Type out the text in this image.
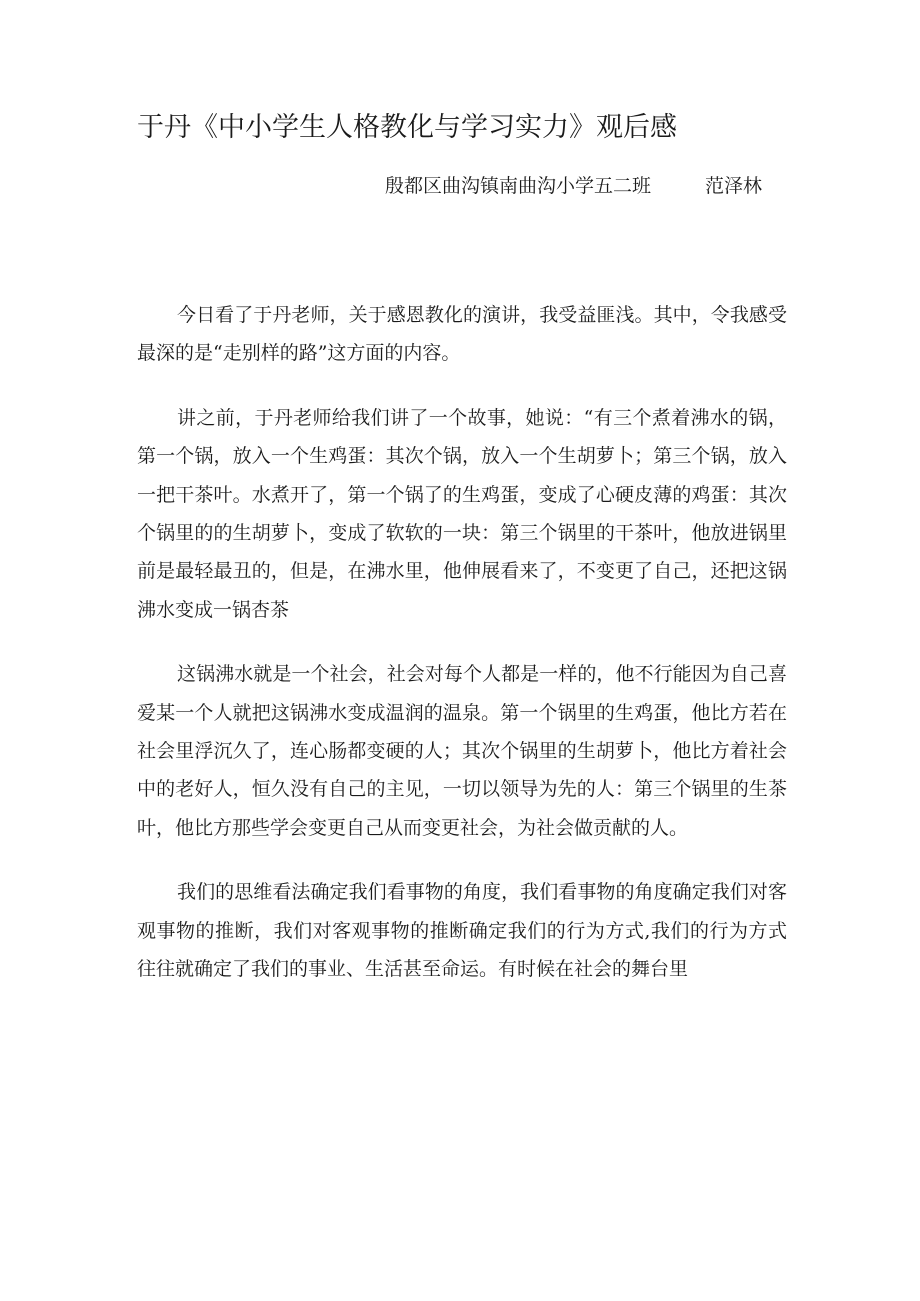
于丹《中小学生人格教化与学习实力》观后感
殷都区曲沟镇南曲沟小学五二班	范泽林

今日看了于丹老师，关于感恩教化的演讲，我受益匪浅。其中，令我感受最深的是“走别样的路”这方面的内容。

讲之前，于丹老师给我们讲了一个故事，她说：“有三个煮着沸水的锅，第一个锅，放入一个生鸡蛋：其次个锅，放入一个生胡萝卜；第三个锅，放入一把干茶叶。水煮开了，第一个锅了的生鸡蛋，变成了心硬皮薄的鸡蛋：其次个锅里的的生胡萝卜，变成了软软的一块：第三个锅里的干茶叶，他放进锅里前是最轻最丑的，但是，在沸水里，他伸展看来了，不变更了自己，还把这锅沸水变成一锅杏茶

这锅沸水就是一个社会，社会对每个人都是一样的，他不行能因为自己喜爱某一个人就把这锅沸水变成温润的温泉。第一个锅里的生鸡蛋，他比方若在社会里浮沉久了，连心肠都变硬的人；其次个锅里的生胡萝卜，他比方着社会中的老好人，恒久没有自己的主见，一切以领导为先的人：第三个锅里的生茶叶，他比方那些学会变更自己从而变更社会，为社会做贡献的人。

我们的思维看法确定我们看事物的角度，我们看事物的角度确定我们对客观事物的推断，我们对客观事物的推断确定我们的行为方式,我们的行为方式往往就确定了我们的事业、生活甚至命运。有时候在社会的舞台里
